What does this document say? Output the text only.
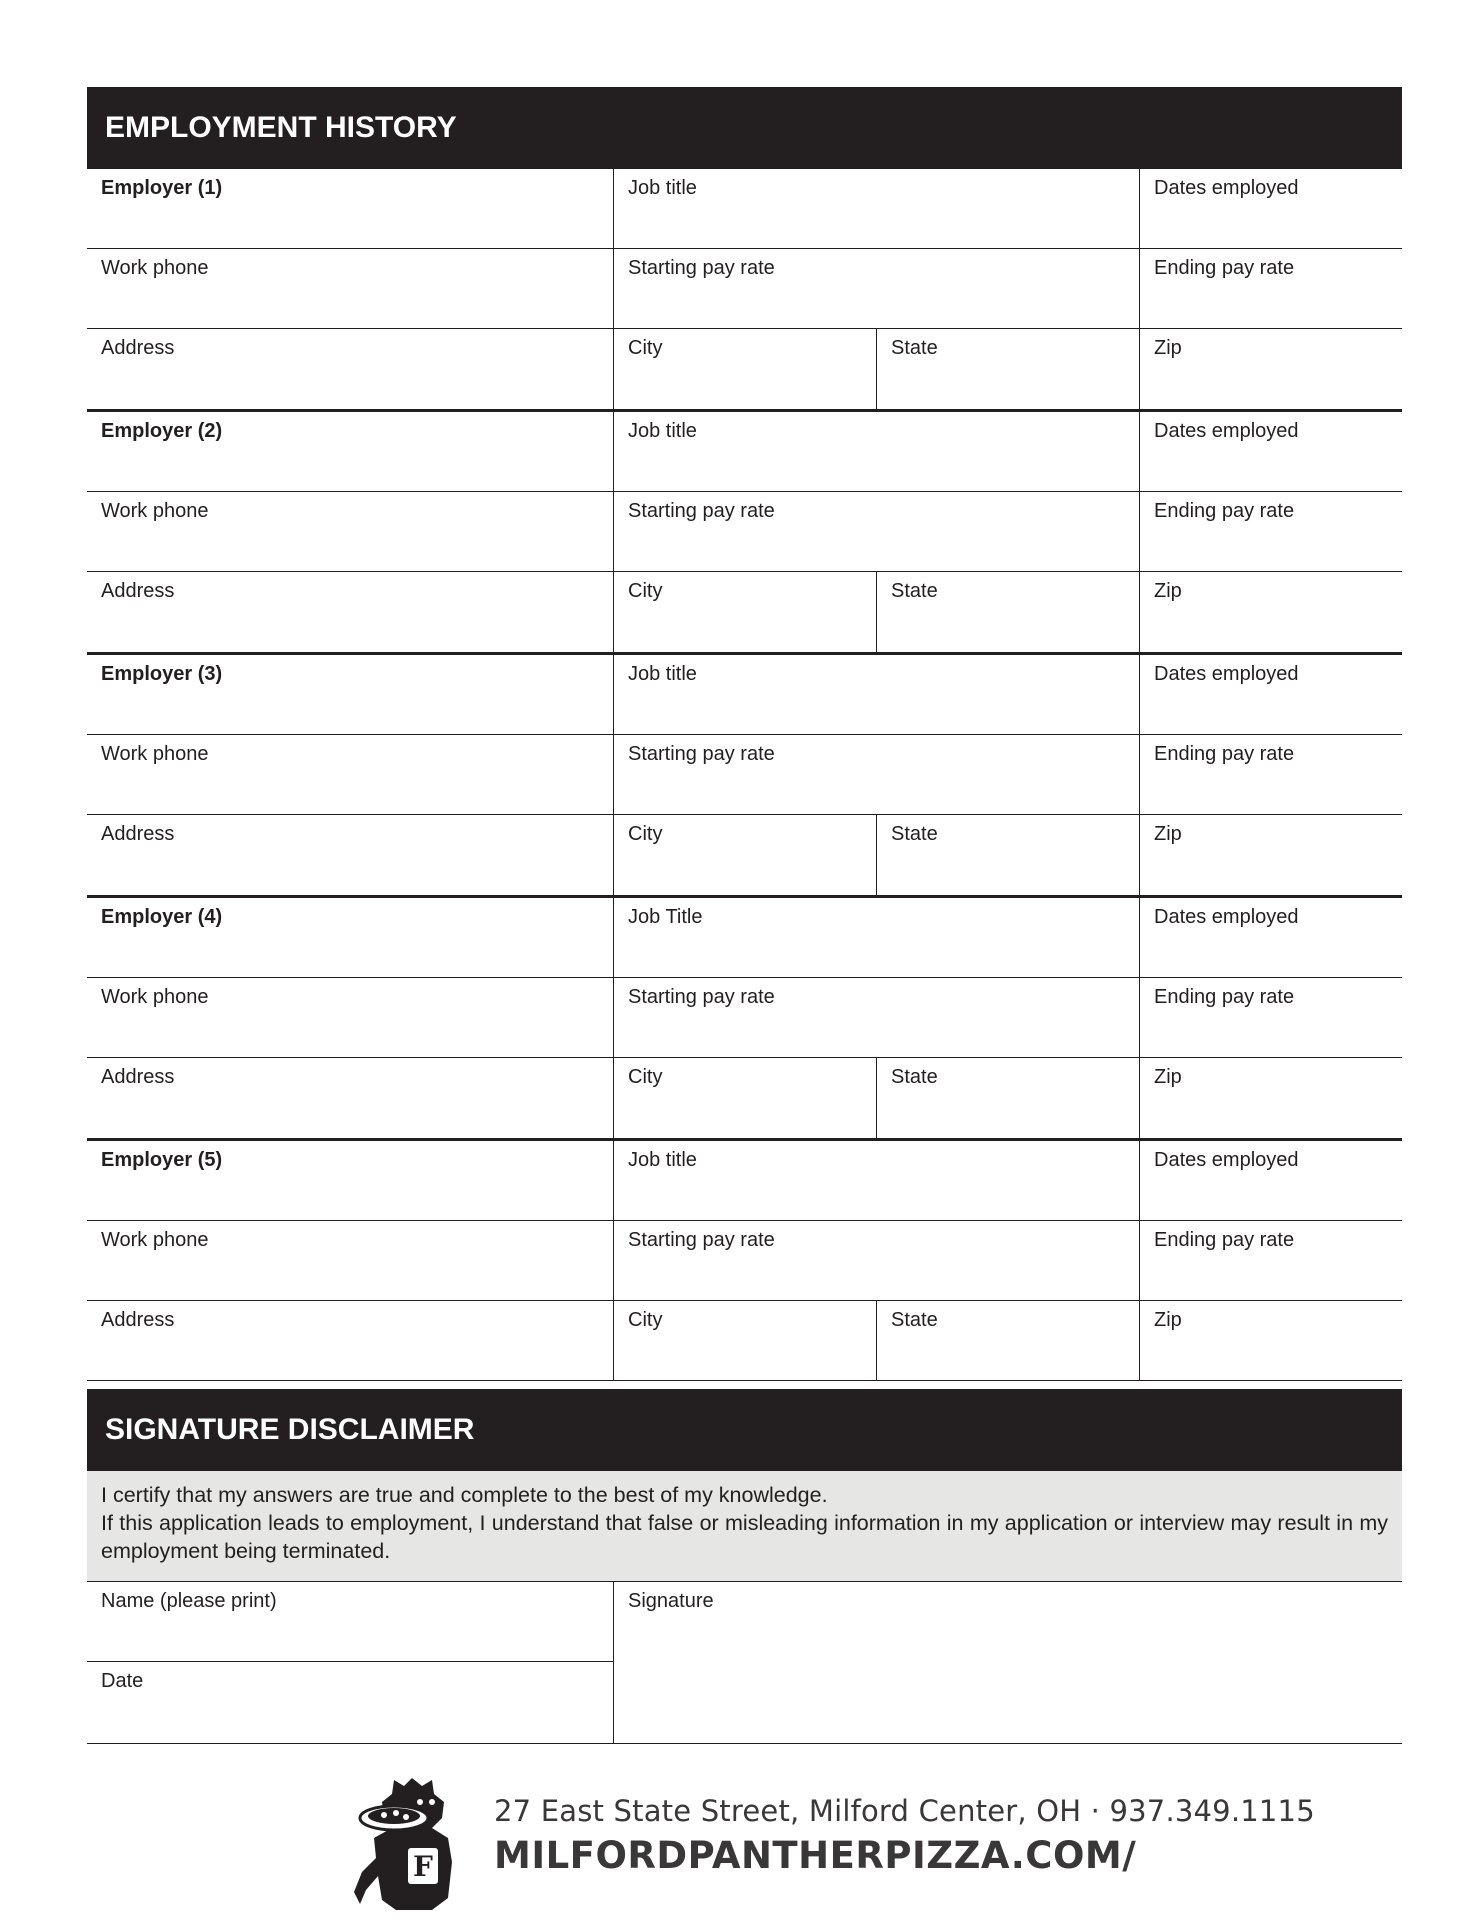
EMPLOYMENT HISTORY
Employer (1)	Job title	Dates employed
Work phone	Starting pay rate	Ending pay rate
Address	City	State	Zip
Employer (2)	Job title	Dates employed
Work phone	Starting pay rate	Ending pay rate
Address	City	State	Zip
Employer (3)	Job title	Dates employed
Work phone	Starting pay rate	Ending pay rate
Address	City	State	Zip
Employer (4)	Job Title	Dates employed
Work phone	Starting pay rate	Ending pay rate
Address	City	State	Zip
Employer (5)	Job title	Dates employed
Work phone	Starting pay rate	Ending pay rate
Address	City	State	Zip
SIGNATURE DISCLAIMER

I certify that my answers are true and complete to the best of my knowledge.

If this application leads to employment, I understand that false or misleading information in my application or interview may result in my employment being terminated.

Name (please print)	Signature
Date
F
27 East State Street, Milford Center, OH · 937.349.1115
MILFORDPANTHERPIZZA.COM/
